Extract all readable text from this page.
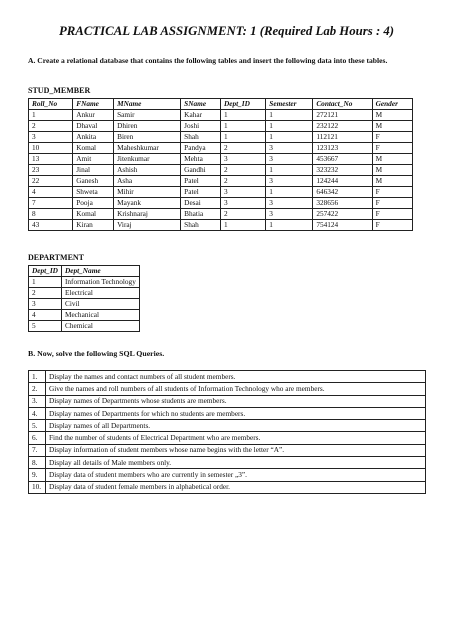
PRACTICAL LAB ASSIGNMENT: 1 (Required Lab Hours : 4)

A. Create a relational database that contains the following tables and insert the following data into these tables.

STUD_MEMBER

Roll_No	FName	MName	SName	Dept_ID	Semester	Contact_No	Gender
1	Ankur	Samir	Kahar	1	1	272121	M
2	Dhaval	Dhiren	Joshi	1	1	232122	M
3	Ankita	Biren	Shah	1	1	112121	F
10	Komal	Maheshkumar	Pandya	2	3	123123	F
13	Amit	Jitenkumar	Mehta	3	3	453667	M
23	Jinal	Ashish	Gandhi	2	1	323232	M
22	Ganesh	Asha	Patel	2	3	124244	M
4	Shweta	Mihir	Patel	3	1	646342	F
7	Pooja	Mayank	Desai	3	3	328656	F
8	Komal	Krishnaraj	Bhatia	2	3	257422	F
43	Kiran	Viraj	Shah	1	1	754124	F

DEPARTMENT

Dept_ID	Dept_Name
1	Information Technology
2	Electrical
3	Civil
4	Mechanical
5	Chemical

B. Now, solve the following SQL Queries.

1.	Display the names and contact numbers of all student members.
2.	Give the names and roll numbers of all students of Information Technology who are members.
3.	Display names of Departments whose students are members.
4.	Display names of Departments for which no students are members.
5.	Display names of all Departments.
6.	Find the number of students of Electrical Department who are members.
7.	Display information of student members whose name begins with the letter “A”.
8.	Display all details of Male members only.
9.	Display data of student members who are currently in semester „3”.
10.	Display data of student female members in alphabetical order.
